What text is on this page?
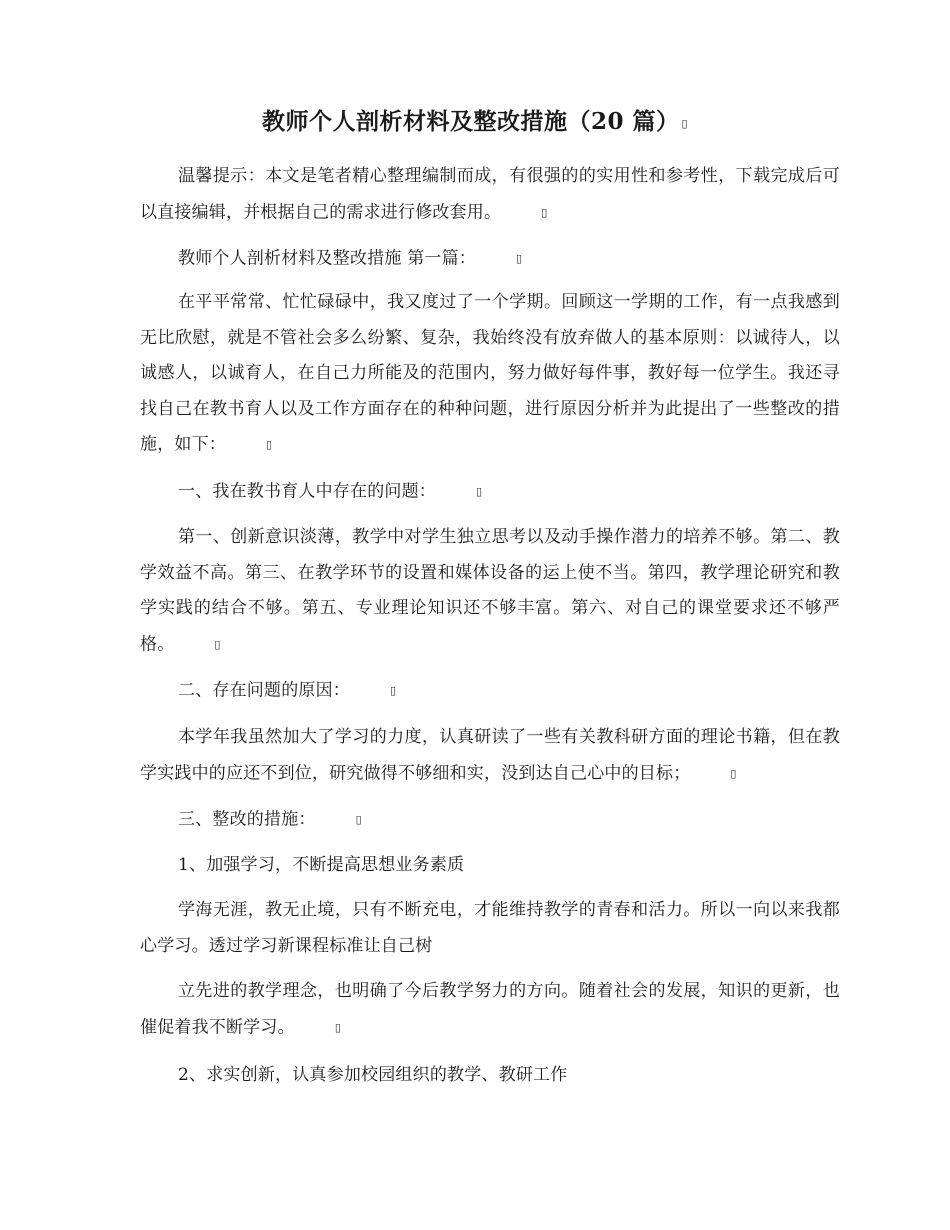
教师个人剖析材料及整改措施（20 篇） ▯
温馨提示：本文是笔者精心整理编制而成，有很强的的实用性和参考性，下载完成后可以直接编辑，并根据自己的需求进行修改套用。	▯
教师个人剖析材料及整改措施 第一篇：	▯
在平平常常、忙忙碌碌中，我又度过了一个学期。回顾这一学期的工作，有一点我感到无比欣慰，就是不管社会多么纷繁、复杂，我始终没有放弃做人的基本原则：以诚待人，以诚感人，以诚育人，在自己力所能及的范围内，努力做好每件事，教好每一位学生。我还寻找自己在教书育人以及工作方面存在的种种问题，进行原因分析并为此提出了一些整改的措施，如下：	▯
一、我在教书育人中存在的问题：	▯
第一、创新意识淡薄，教学中对学生独立思考以及动手操作潜力的培养不够。第二、教学效益不高。第三、在教学环节的设置和媒体设备的运上使不当。第四，教学理论研究和教学实践的结合不够。第五、专业理论知识还不够丰富。第六、对自己的课堂要求还不够严格。	▯
二、存在问题的原因：	▯
本学年我虽然加大了学习的力度，认真研读了一些有关教科研方面的理论书籍，但在教学实践中的应还不到位，研究做得不够细和实，没到达自己心中的目标；	▯
三、整改的措施：	▯
1、加强学习，不断提高思想业务素质
学海无涯，教无止境，只有不断充电，才能维持教学的青春和活力。所以一向以来我都心学习。透过学习新课程标准让自己树
立先进的教学理念，也明确了今后教学努力的方向。随着社会的发展，知识的更新，也催促着我不断学习。	▯
2、求实创新，认真参加校园组织的教学、教研工作
